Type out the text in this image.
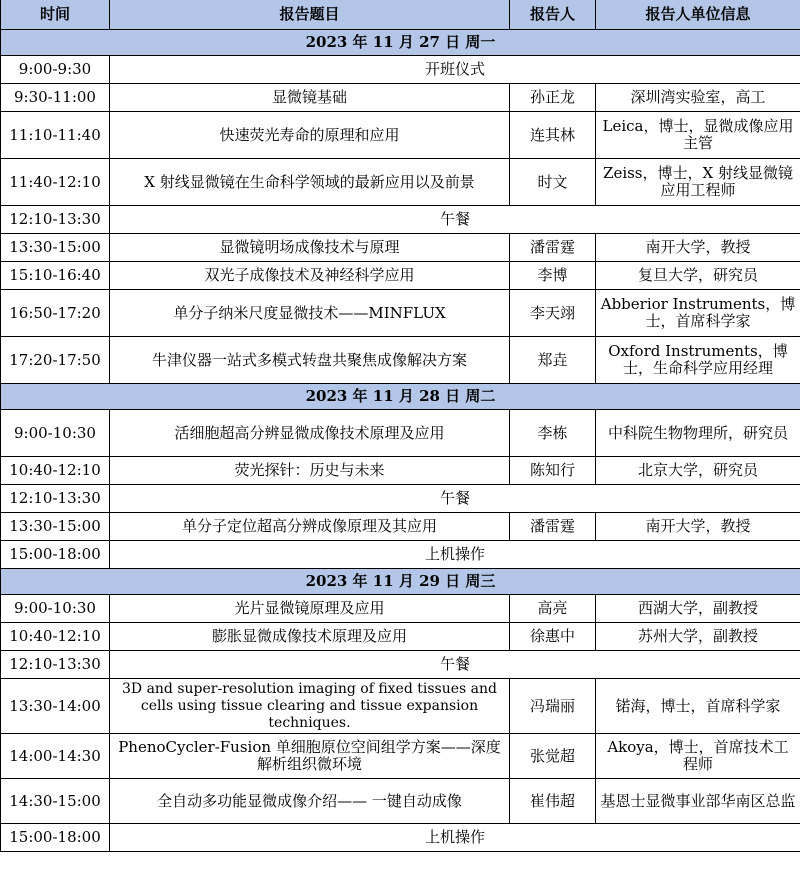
时间	报告题目	报告人	报告人单位信息
2023 年 11 月 27 日 周一			
9:00-9:30	开班仪式		
9:30-11:00	显微镜基础	孙正龙	深圳湾实验室，高工
11:10-11:40	快速荧光寿命的原理和应用	连其林	Leica，博士，显微成像应用主管
11:40-12:10	X 射线显微镜在生命科学领域的最新应用以及前景	时文	Zeiss，博士，X 射线显微镜应用工程师
12:10-13:30	午餐		
13:30-15:00	显微镜明场成像技术与原理	潘雷霆	南开大学，教授
15:10-16:40	双光子成像技术及神经科学应用	李博	复旦大学，研究员
16:50-17:20	单分子纳米尺度显微技术——MINFLUX	李天翊	Abberior Instruments，博士，首席科学家
17:20-17:50	牛津仪器一站式多模式转盘共聚焦成像解决方案	郑垚	Oxford Instruments，博士，生命科学应用经理
2023 年 11 月 28 日 周二			
9:00-10:30	活细胞超高分辨显微成像技术原理及应用	李栋	中科院生物物理所，研究员
10:40-12:10	荧光探针：历史与未来	陈知行	北京大学，研究员
12:10-13:30	午餐		
13:30-15:00	单分子定位超高分辨成像原理及其应用	潘雷霆	南开大学，教授
15:00-18:00	上机操作		
2023 年 11 月 29 日 周三			
9:00-10:30	光片显微镜原理及应用	高亮	西湖大学，副教授
10:40-12:10	膨胀显微成像技术原理及应用	徐惠中	苏州大学，副教授
12:10-13:30	午餐		
13:30-14:00	3D and super-resolution imaging of fixed tissues and cells using tissue clearing and tissue expansion techniques.	冯瑞丽	锘海，博士，首席科学家
14:00-14:30	PhenoCycler-Fusion 单细胞原位空间组学方案——深度解析组织微环境	张觉超	Akoya，博士，首席技术工程师
14:30-15:00	全自动多功能显微成像介绍—— 一键自动成像	崔伟超	基恩士显微事业部华南区总监
15:00-18:00	上机操作		
